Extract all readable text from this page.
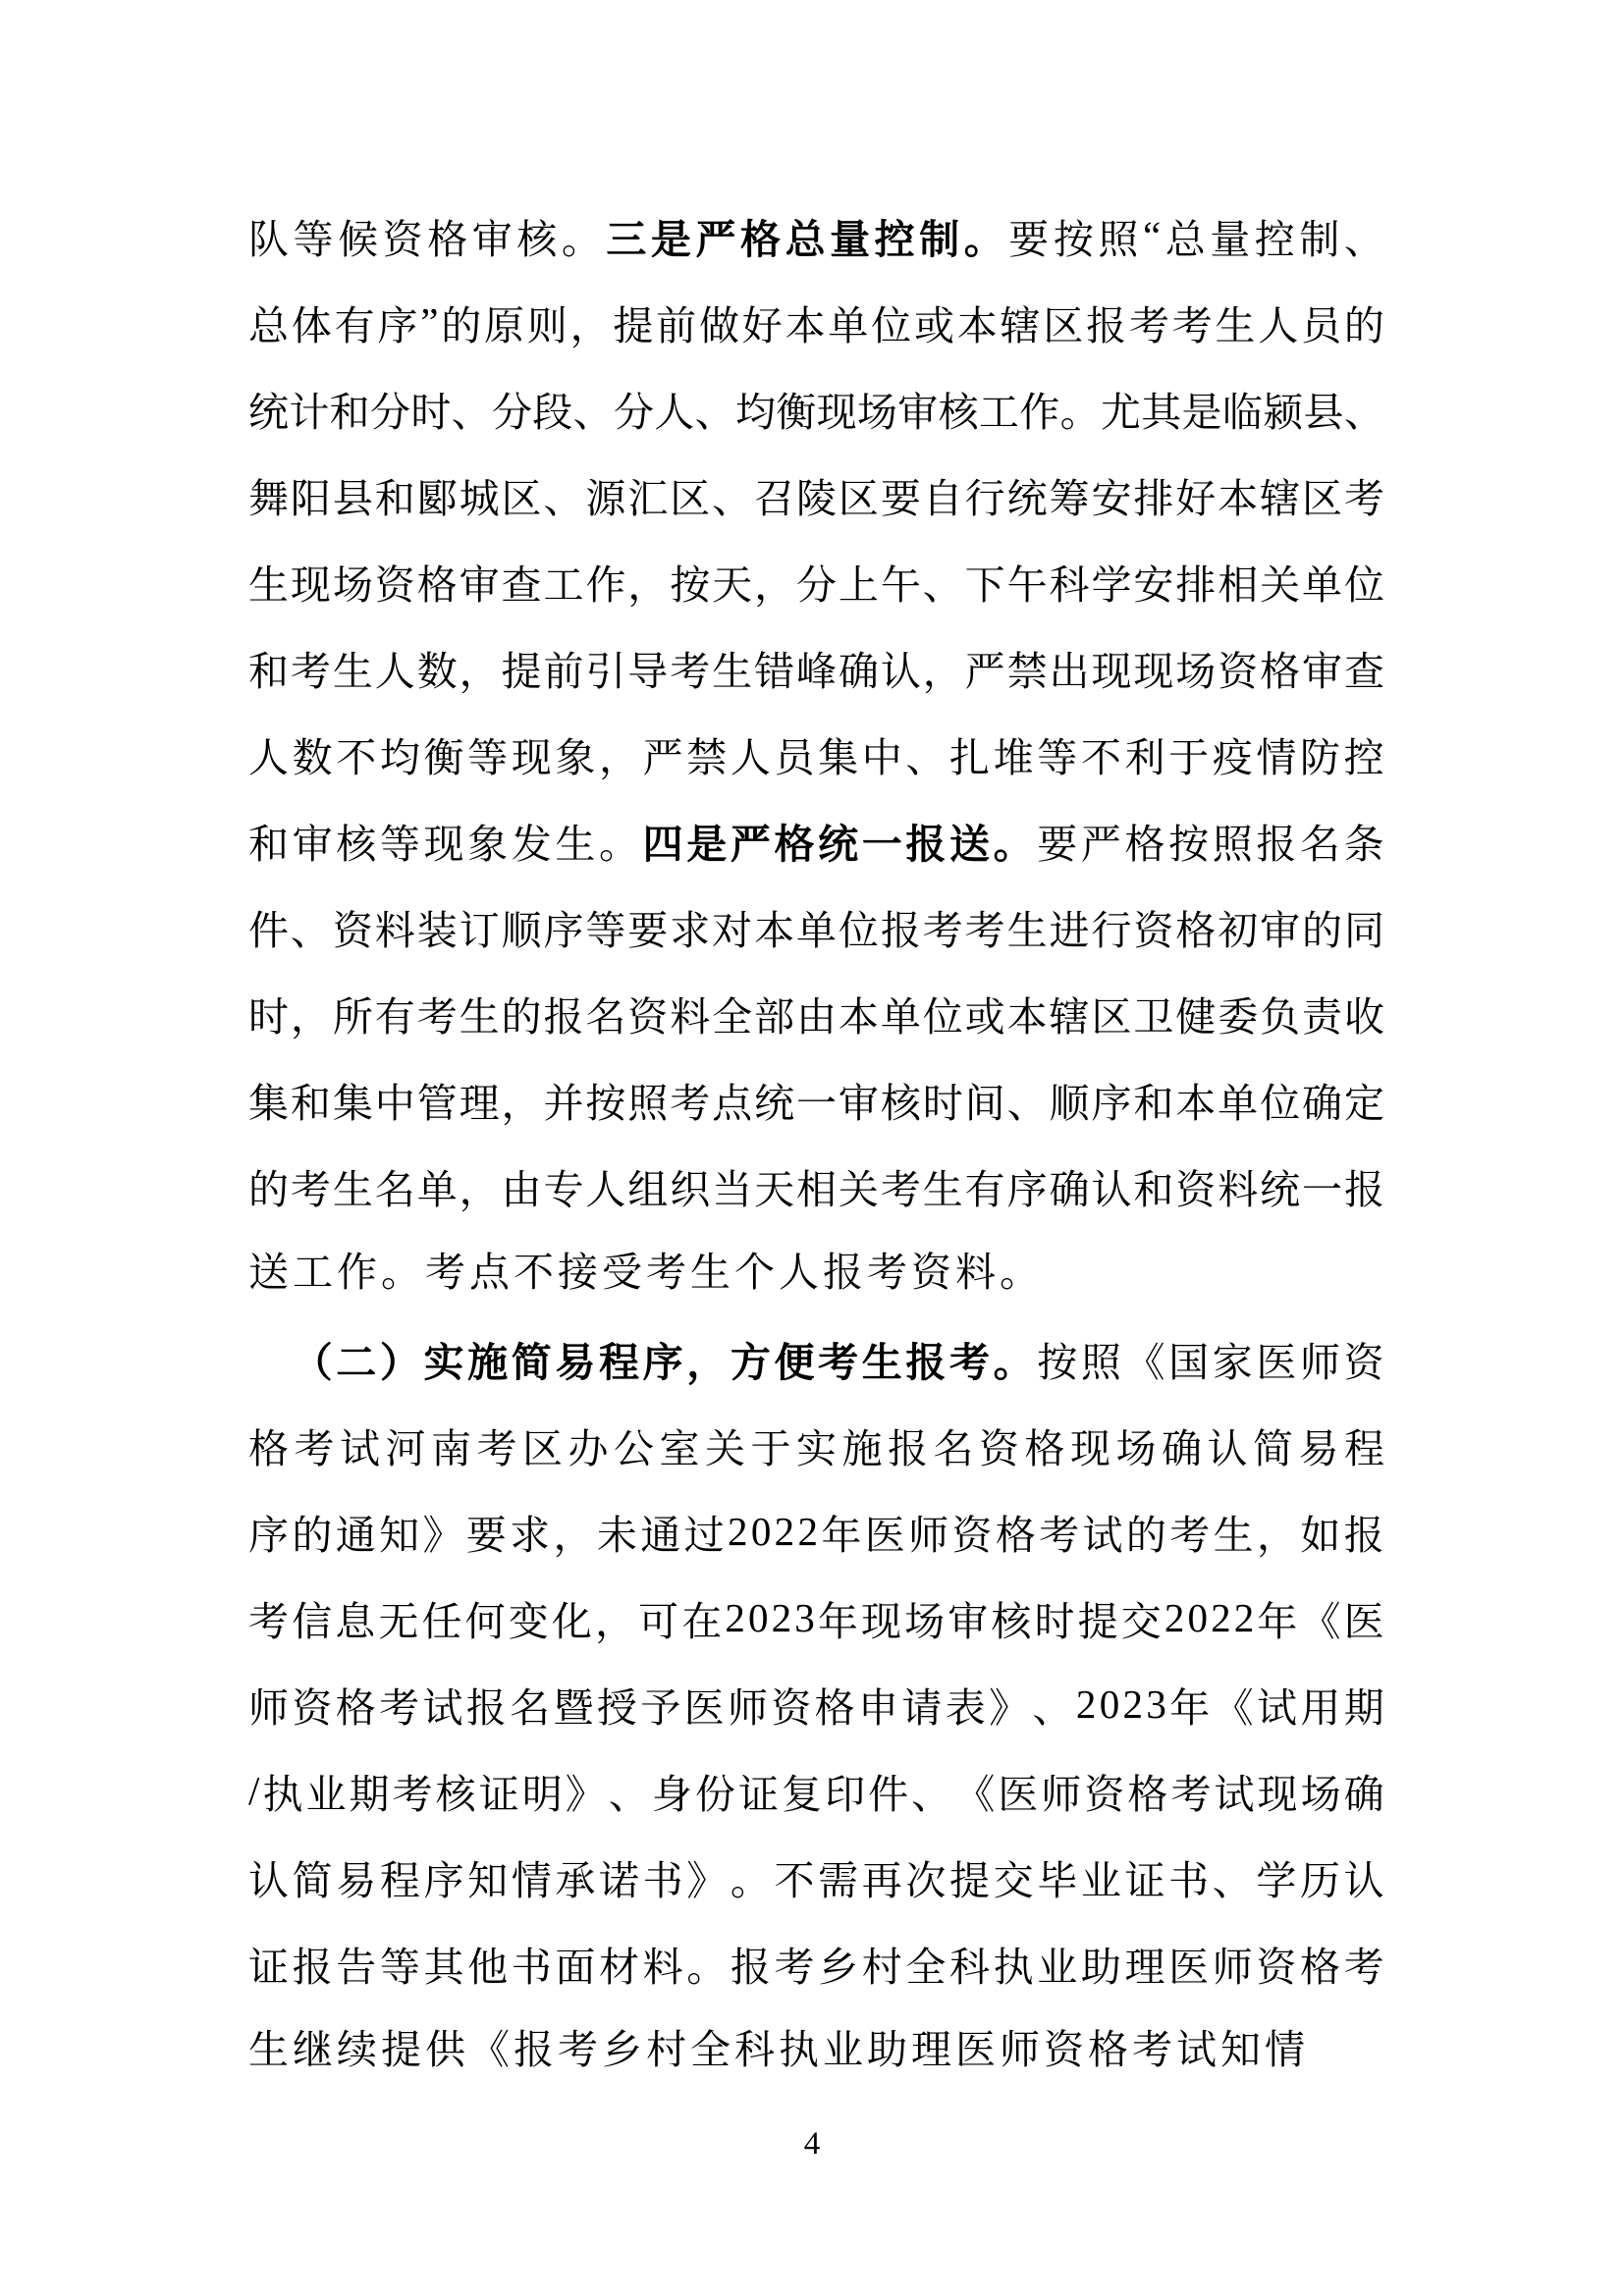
队 等 候 资 格 审 核 。 三 是 严 格 总 量 控 制 。 要 按 照 “ 总 量 控 制 、
总 体 有 序 ” 的 原 则 ， 提 前 做 好 本 单 位 或 本 辖 区 报 考 考 生 人 员 的
统 计 和 分 时 、 分 段 、 分 人 、 均 衡 现 场 审 核 工 作 。 尤 其 是 临 颍 县 、
舞 阳 县 和 郾 城 区 、 源 汇 区 、 召 陵 区 要 自 行 统 筹 安 排 好 本 辖 区 考
生 现 场 资 格 审 查 工 作 ， 按 天 ， 分 上 午 、 下 午 科 学 安 排 相 关 单 位
和 考 生 人 数 ， 提 前 引 导 考 生 错 峰 确 认 ， 严 禁 出 现 现 场 资 格 审 查
人 数 不 均 衡 等 现 象 ， 严 禁 人 员 集 中 、 扎 堆 等 不 利 于 疫 情 防 控
和 审 核 等 现 象 发 生 。 四 是 严 格 统 一 报 送 。 要 严 格 按 照 报 名 条
件 、 资 料 装 订 顺 序 等 要 求 对 本 单 位 报 考 考 生 进 行 资 格 初 审 的 同
时 ， 所 有 考 生 的 报 名 资 料 全 部 由 本 单 位 或 本 辖 区 卫 健 委 负 责 收
集 和 集 中 管 理 ， 并 按 照 考 点 统 一 审 核 时 间 、 顺 序 和 本 单 位 确 定
的 考 生 名 单 ， 由 专 人 组 织 当 天 相 关 考 生 有 序 确 认 和 资 料 统 一 报
送工作。考点不接受考生个人报考资料。
（ 二 ） 实 施 简 易 程 序 ， 方 便 考 生 报 考 。 按 照 《 国 家 医 师 资
格 考 试 河 南 考 区 办 公 室 关 于 实 施 报 名 资 格 现 场 确 认 简 易 程
序 的 通 知 》 要 求 ， 未 通 过 2 0 2 2 年 医 师 资 格 考 试 的 考 生 ， 如 报
考 信 息 无 任 何 变 化 ， 可 在 2 0 2 3 年 现 场 审 核 时 提 交 2 0 2 2 年 《 医
师 资 格 考 试 报 名 暨 授 予 医 师 资 格 申 请 表 》 、 2 0 2 3 年 《 试 用 期
/ 执 业 期 考 核 证 明 》 、 身 份 证 复 印 件 、 《 医 师 资 格 考 试 现 场 确
认 简 易 程 序 知 情 承 诺 书 》 。 不 需 再 次 提 交 毕 业 证 书 、 学 历 认
证 报 告 等 其 他 书 面 材 料 。 报 考 乡 村 全 科 执 业 助 理 医 师 资 格 考
生继续提供《报考乡村全科执业助理医师资格考试知情
4
